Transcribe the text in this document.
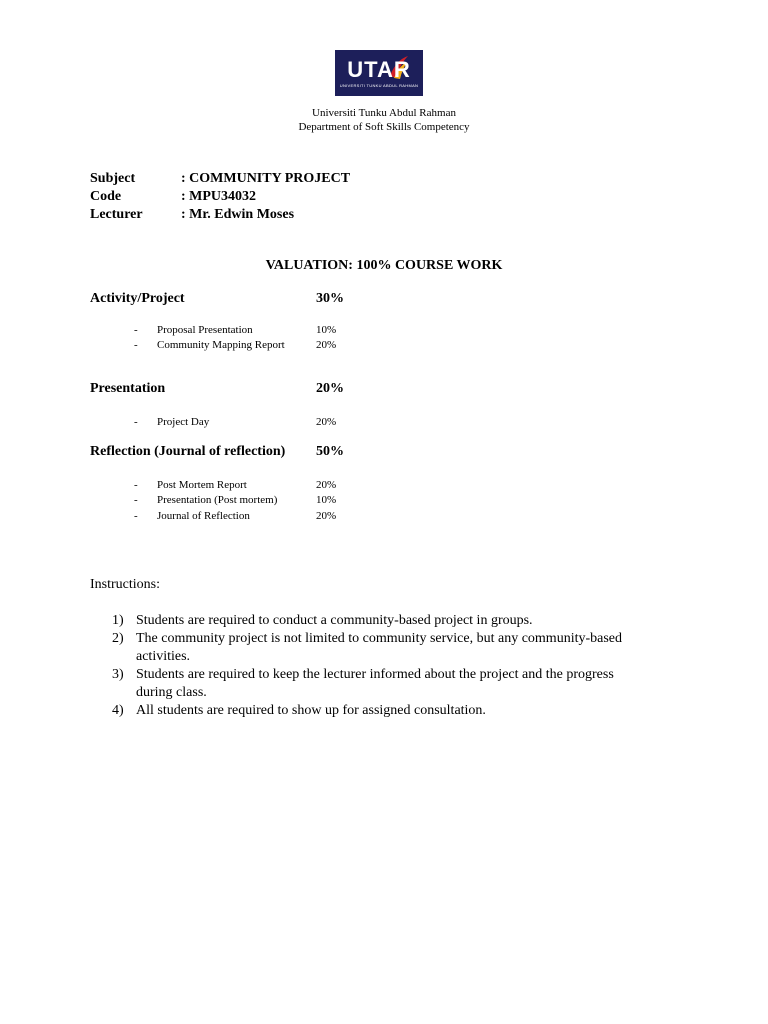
UTAR
UNIVERSITI TUNKU ABDUL RAHMAN
Universiti Tunku Abdul Rahman
Department of Soft Skills Competency
Subject	: COMMUNITY PROJECT
Code	: MPU34032
Lecturer	: Mr. Edwin Moses
VALUATION: 100% COURSE WORK
Activity/Project	30%
- Proposal Presentation	10%
- Community Mapping Report	20%
Presentation	20%
- Project Day	20%
Reflection (Journal of reflection) 50%
- Post Mortem Report	20%
- Presentation (Post mortem)	10%
- Journal of Reflection	20%
Instructions:
1) Students are required to conduct a community-based project in groups.
2) The community project is not limited to community service, but any community-based
activities.
3) Students are required to keep the lecturer informed about the project and the progress
during class.
4) All students are required to show up for assigned consultation.
